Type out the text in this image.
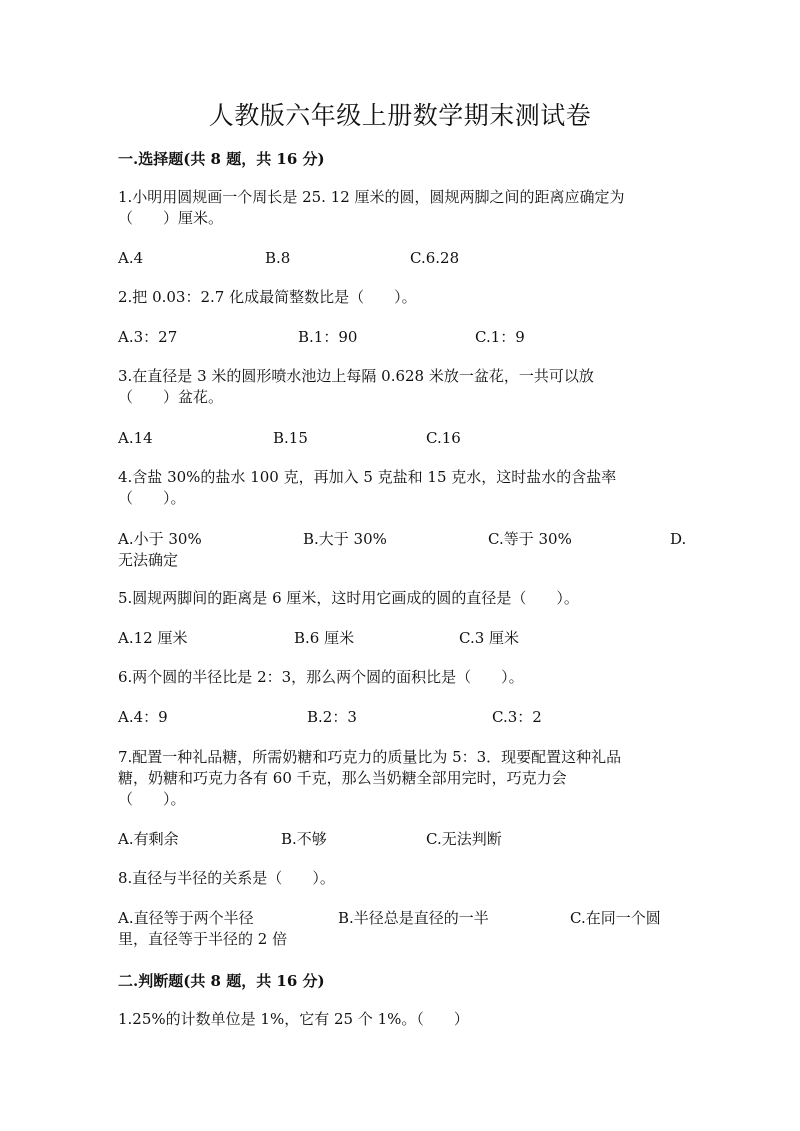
人教版六年级上册数学期末测试卷
一.选择题(共 8 题，共 16 分)
1.小明用圆规画一个周长是 25. 12 厘米的圆，圆规两脚之间的距离应确定为
（　　）厘米。
A.4	B.8	C.6.28
2.把 0.03：2.7 化成最简整数比是（　　）。
A.3：27	B.1：90	C.1：9
3.在直径是 3 米的圆形喷水池边上每隔 0.628 米放一盆花，一共可以放
（　　）盆花。
A.14	B.15	C.16
4.含盐 30%的盐水 100 克，再加入 5 克盐和 15 克水，这时盐水的含盐率
（　　）。
A.小于 30%	B.大于 30%	C.等于 30%	D.
无法确定
5.圆规两脚间的距离是 6 厘米，这时用它画成的圆的直径是（　　）。
A.12 厘米	B.6 厘米	C.3 厘米
6.两个圆的半径比是 2：3，那么两个圆的面积比是（　　）。
A.4：9	B.2：3	C.3：2
7.配置一种礼品糖，所需奶糖和巧克力的质量比为 5：3．现要配置这种礼品
糖，奶糖和巧克力各有 60 千克，那么当奶糖全部用完时，巧克力会
（　　）。
A.有剩余	B.不够	C.无法判断
8.直径与半径的关系是（　　）。
A.直径等于两个半径	B.半径总是直径的一半	C.在同一个圆
里，直径等于半径的 2 倍
二.判断题(共 8 题，共 16 分)
1.25%的计数单位是 1%，它有 25 个 1%。（　　）
